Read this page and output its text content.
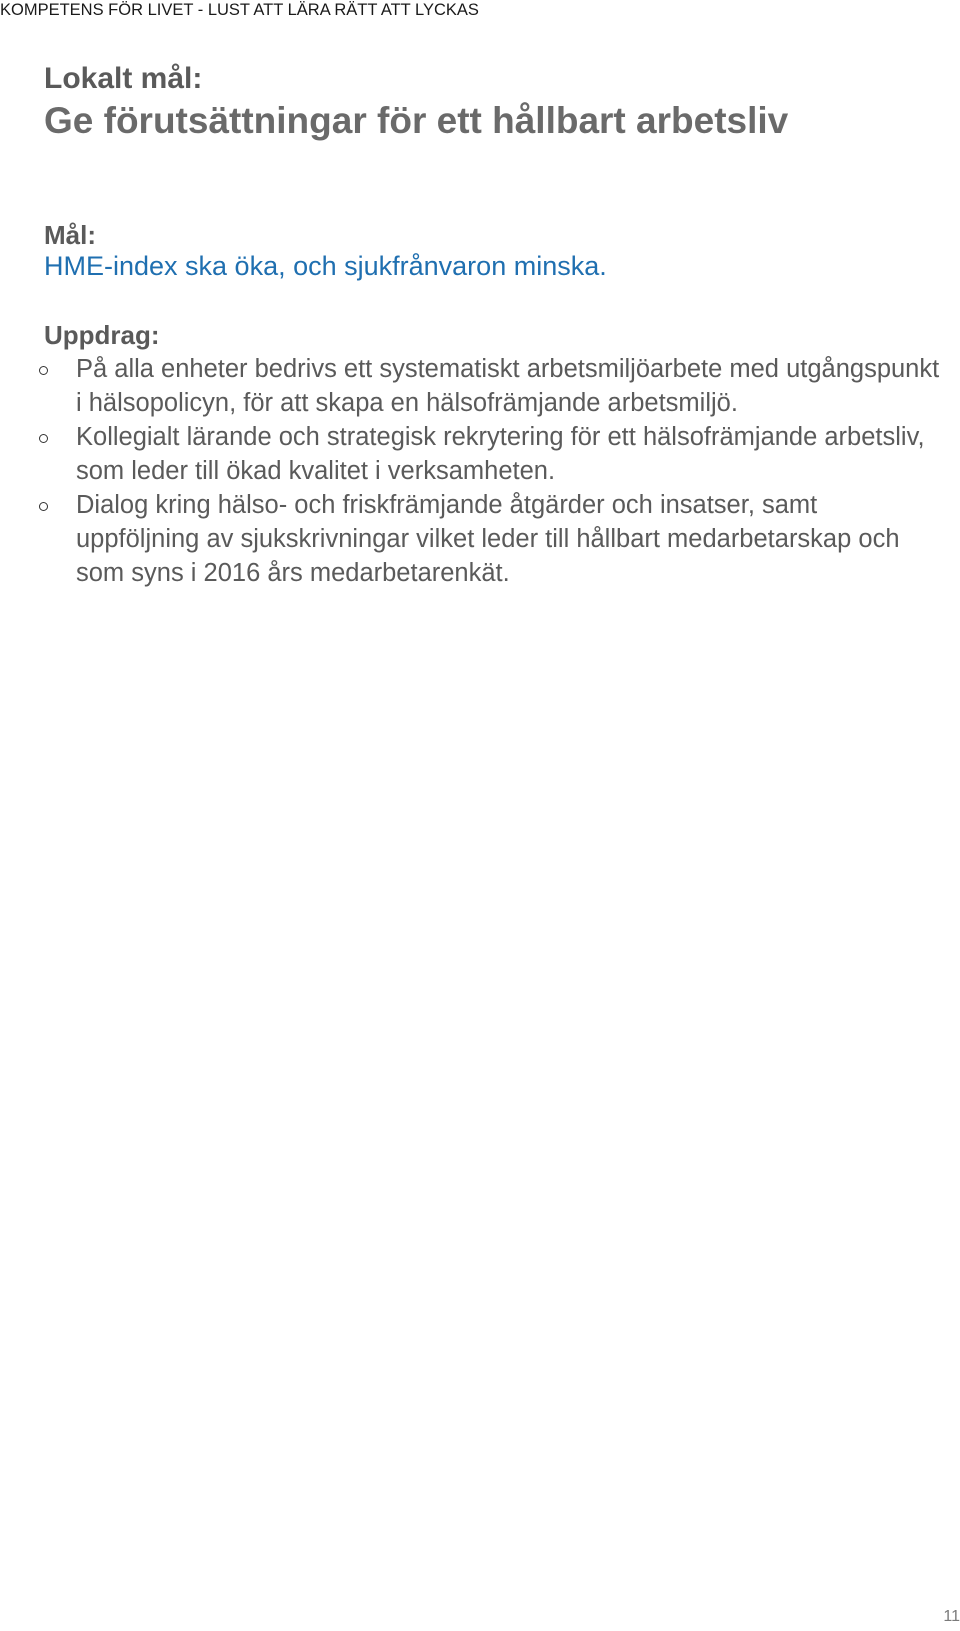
KOMPETENS FÖR LIVET - LUST ATT LÄRA RÄTT ATT LYCKAS
Lokalt mål:
Ge förutsättningar för ett hållbart arbetsliv
Mål:
HME-index ska öka, och sjukfrånvaron minska.
Uppdrag:
På alla enheter bedrivs ett systematiskt arbetsmiljöarbete med utgångspunkt i hälsopolicyn, för att skapa en hälsofrämjande arbetsmiljö.
Kollegialt lärande och strategisk rekrytering för ett hälsofrämjande arbetsliv, som leder till ökad kvalitet i verksamheten.
Dialog kring hälso- och friskfrämjande åtgärder och insatser, samt uppföljning av sjukskrivningar vilket leder till hållbart medarbetarskap och som syns i 2016 års medarbetarenkät.
11
